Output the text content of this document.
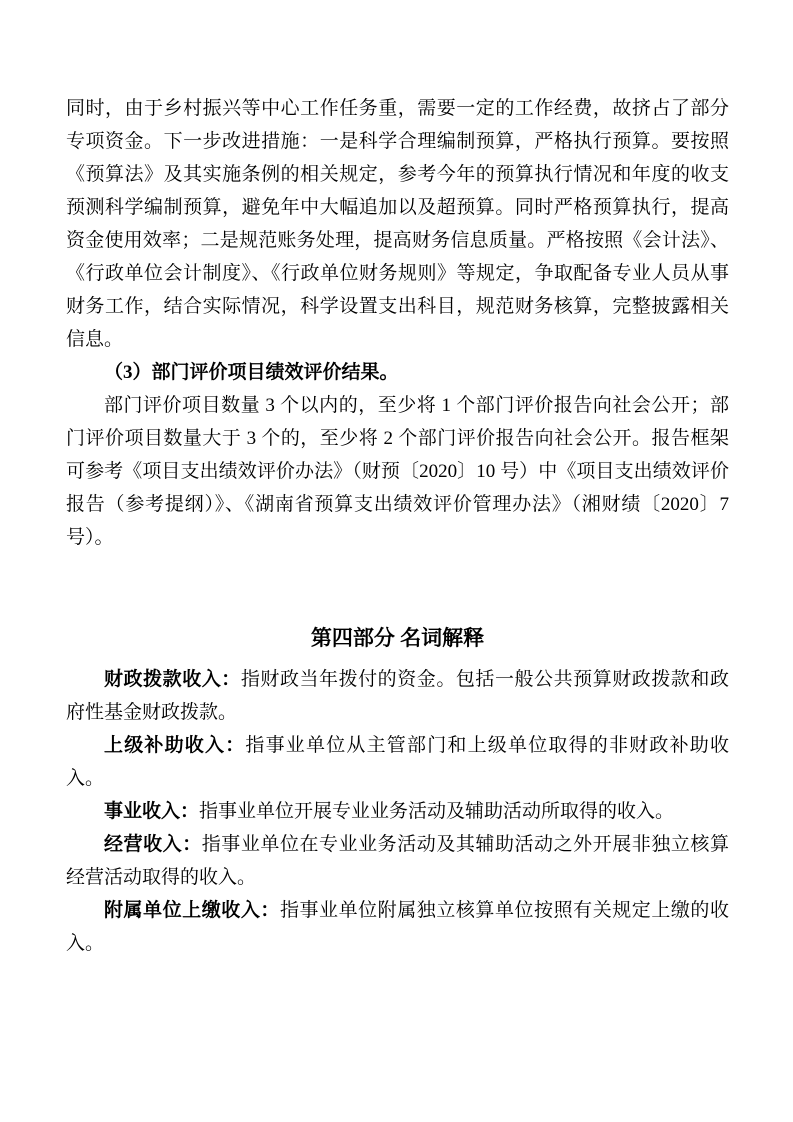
同时，由于乡村振兴等中心工作任务重，需要一定的工作经费，故挤占了部分专项资金。下一步改进措施：一是科学合理编制预算，严格执行预算。要按照《预算法》及其实施条例的相关规定，参考今年的预算执行情况和年度的收支预测科学编制预算，避免年中大幅追加以及超预算。同时严格预算执行，提高资金使用效率；二是规范账务处理，提高财务信息质量。严格按照《会计法》、《行政单位会计制度》、《行政单位财务规则》等规定，争取配备专业人员从事财务工作，结合实际情况，科学设置支出科目，规范财务核算，完整披露相关信息。

（3）部门评价项目绩效评价结果。

部门评价项目数量 3 个以内的，至少将 1 个部门评价报告向社会公开；部门评价项目数量大于 3 个的，至少将 2 个部门评价报告向社会公开。报告框架可参考《项目支出绩效评价办法》（财预〔2020〕10 号）中《项目支出绩效评价报告（参考提纲）》、《湖南省预算支出绩效评价管理办法》（湘财绩〔2020〕7 号）。

第四部分 名词解释

财政拨款收入：指财政当年拨付的资金。包括一般公共预算财政拨款和政府性基金财政拨款。

上级补助收入：指事业单位从主管部门和上级单位取得的非财政补助收入。

事业收入：指事业单位开展专业业务活动及辅助活动所取得的收入。

经营收入：指事业单位在专业业务活动及其辅助活动之外开展非独立核算经营活动取得的收入。

附属单位上缴收入：指事业单位附属独立核算单位按照有关规定上缴的收入。
